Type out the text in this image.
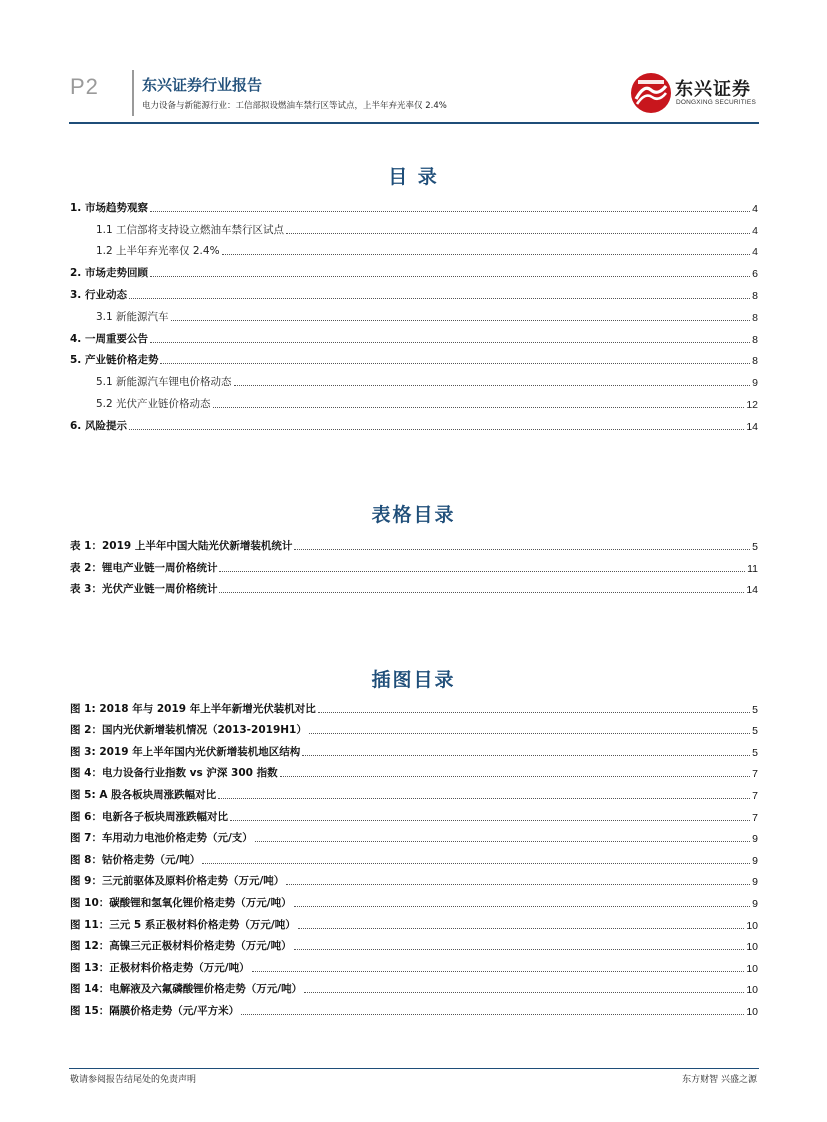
P2	东兴证券行业报告
电力设备与新能源行业：工信部拟设燃油车禁行区等试点，上半年弃光率仅 2.4%
东兴证券
DONGXING SECURITIES
目 录
1. 市场趋势观察	4
1.1 工信部将支持设立燃油车禁行区试点	4
1.2 上半年弃光率仅 2.4%	4
2. 市场走势回顾	6
3. 行业动态	8
3.1 新能源汽车	8
4. 一周重要公告	8
5. 产业链价格走势	8
5.1 新能源汽车锂电价格动态	9
5.2 光伏产业链价格动态	12
6. 风险提示	14
表格目录
表 1：2019 上半年中国大陆光伏新增装机统计	5
表 2：锂电产业链一周价格统计	11
表 3：光伏产业链一周价格统计	14
插图目录
图 1: 2018 年与 2019 年上半年新增光伏装机对比	5
图 2：国内光伏新增装机情况（2013-2019H1）	5
图 3: 2019 年上半年国内光伏新增装机地区结构	5
图 4：电力设备行业指数 vs 沪深 300 指数	7
图 5: A 股各板块周涨跌幅对比	7
图 6：电新各子板块周涨跌幅对比	7
图 7：车用动力电池价格走势（元/支）	9
图 8：钴价格走势（元/吨）	9
图 9：三元前驱体及原料价格走势（万元/吨）	9
图 10：碳酸锂和氢氧化锂价格走势（万元/吨）	9
图 11：三元 5 系正极材料价格走势（万元/吨）	10
图 12：高镍三元正极材料价格走势（万元/吨）	10
图 13：正极材料价格走势（万元/吨）	10
图 14：电解液及六氟磷酸锂价格走势（万元/吨）	10
图 15：隔膜价格走势（元/平方米）	10
敬请参阅报告结尾处的免责声明	东方财智 兴盛之源
